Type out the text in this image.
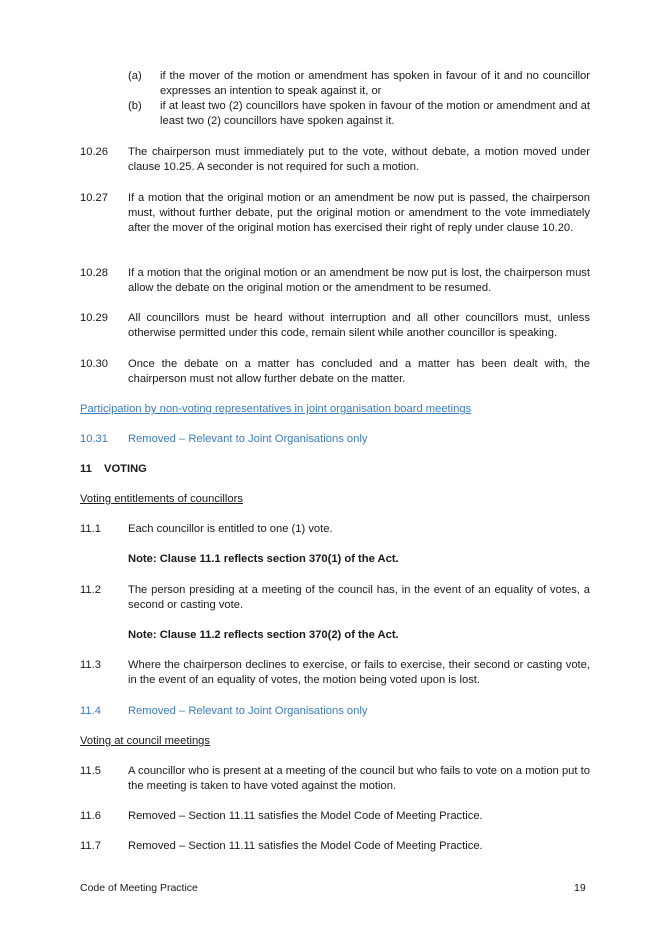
(a) if the mover of the motion or amendment has spoken in favour of it and no councillor expresses an intention to speak against it, or
(b) if at least two (2) councillors have spoken in favour of the motion or amendment and at least two (2) councillors have spoken against it.
10.26 The chairperson must immediately put to the vote, without debate, a motion moved under clause 10.25. A seconder is not required for such a motion.
10.27 If a motion that the original motion or an amendment be now put is passed, the chairperson must, without further debate, put the original motion or amendment to the vote immediately after the mover of the original motion has exercised their right of reply under clause 10.20.
10.28 If a motion that the original motion or an amendment be now put is lost, the chairperson must allow the debate on the original motion or the amendment to be resumed.
10.29 All councillors must be heard without interruption and all other councillors must, unless otherwise permitted under this code, remain silent while another councillor is speaking.
10.30 Once the debate on a matter has concluded and a matter has been dealt with, the chairperson must not allow further debate on the matter.
Participation by non-voting representatives in joint organisation board meetings
10.31 Removed – Relevant to Joint Organisations only
11 VOTING
Voting entitlements of councillors
11.1 Each councillor is entitled to one (1) vote.
Note: Clause 11.1 reflects section 370(1) of the Act.
11.2 The person presiding at a meeting of the council has, in the event of an equality of votes, a second or casting vote.
Note: Clause 11.2 reflects section 370(2) of the Act.
11.3 Where the chairperson declines to exercise, or fails to exercise, their second or casting vote, in the event of an equality of votes, the motion being voted upon is lost.
11.4 Removed – Relevant to Joint Organisations only
Voting at council meetings
11.5 A councillor who is present at a meeting of the council but who fails to vote on a motion put to the meeting is taken to have voted against the motion.
11.6 Removed – Section 11.11 satisfies the Model Code of Meeting Practice.
11.7 Removed – Section 11.11 satisfies the Model Code of Meeting Practice.
Code of Meeting Practice	19
